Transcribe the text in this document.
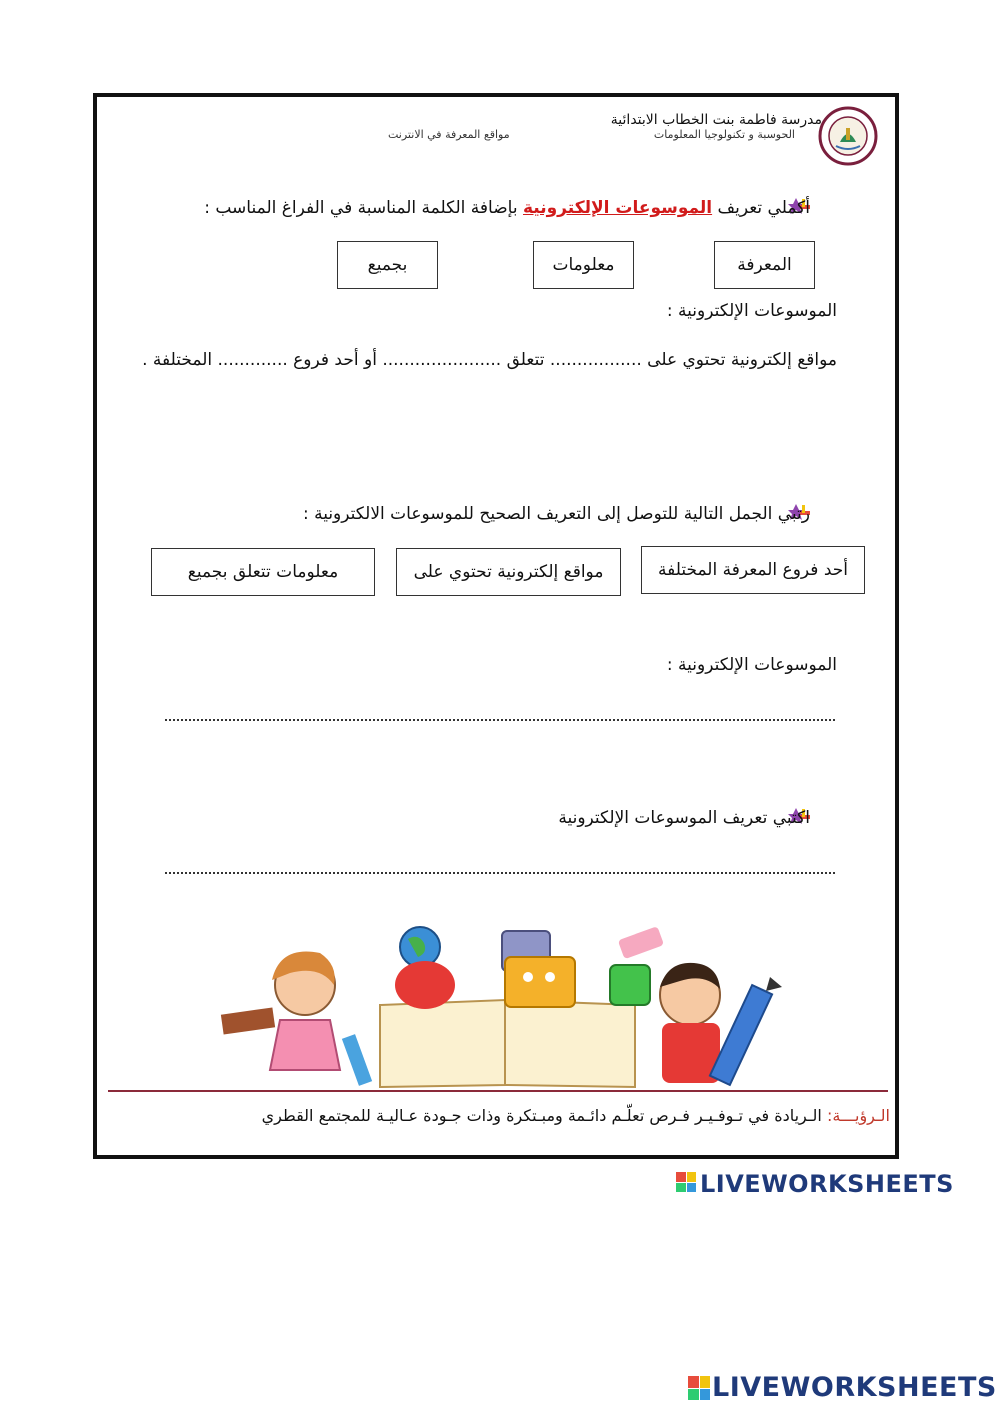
مدرسة فاطمة بنت الخطاب الابتدائية
الحوسبة و تكنولوجيا المعلومات
مواقع المعرفة في الانترنت
أكملي تعريف الموسوعات الإلكترونية بإضافة الكلمة المناسبة في الفراغ المناسب :
المعرفة
معلومات
بجميع
الموسوعات الإلكترونية :
مواقع إلكترونية تحتوي على ................. تتعلق ...................... أو أحد فروع ............. المختلفة .
رتبي الجمل التالية للتوصل إلى التعريف الصحيح للموسوعات الالكترونية :
أحد فروع المعرفة المختلفة
مواقع إلكترونية تحتوي على
معلومات تتعلق بجميع
الموسوعات الإلكترونية :
اكتبي تعريف الموسوعات الإلكترونية
الـرؤيـــة: الـريادة في تـوفـيـر فـرص تعلّـم دائـمة ومبـتكرة وذات جـودة عـاليـة للمجتمع القطري
LIVEWORKSHEETS
LIVEWORKSHEETS
